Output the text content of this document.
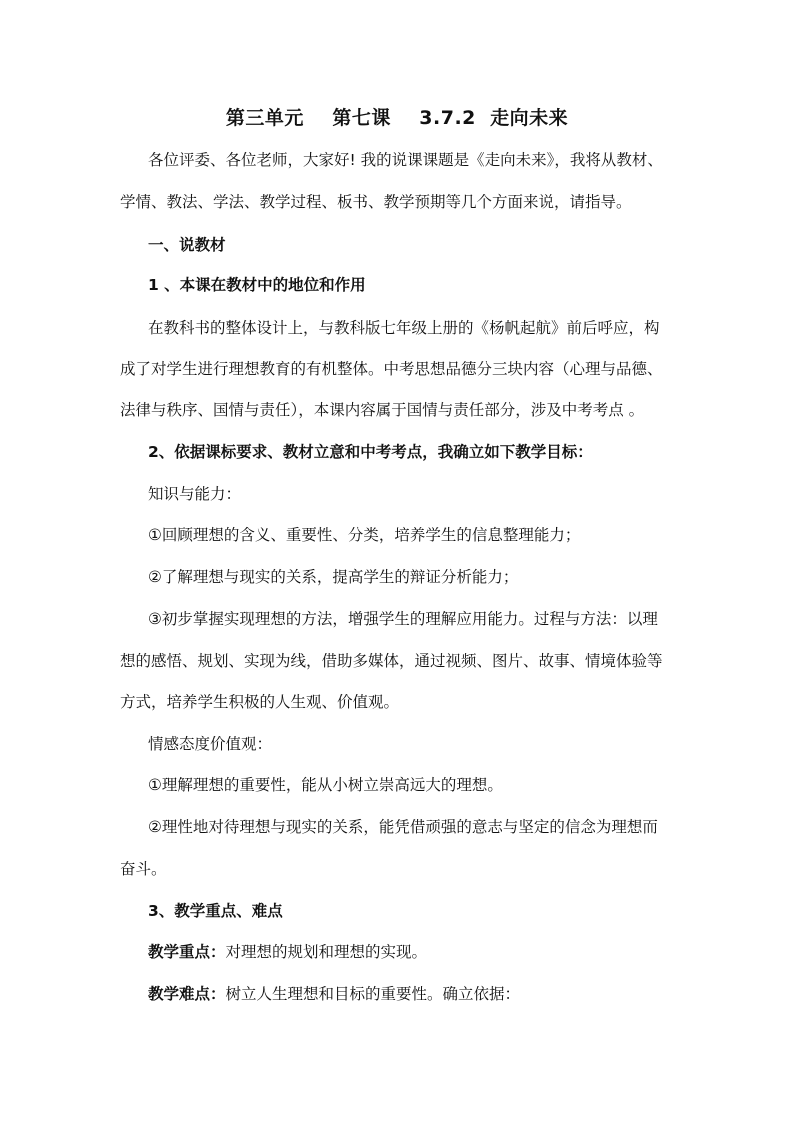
第三单元    第七课    3.7.2  走向未来
各位评委、各位老师，大家好! 我的说课课题是《走向未来》，我将从教材、
学情、教法、学法、教学过程、板书、教学预期等几个方面来说，请指导。
一、说教材
1 、本课在教材中的地位和作用
在教科书的整体设计上，与教科版七年级上册的《杨帆起航》前后呼应，构
成了对学生进行理想教育的有机整体。中考思想品德分三块内容（心理与品德、
法律与秩序、国情与责任），本课内容属于国情与责任部分，涉及中考考点 。
2、依据课标要求、教材立意和中考考点，我确立如下教学目标：
知识与能力：
①回顾理想的含义、重要性、分类，培养学生的信息整理能力；
②了解理想与现实的关系，提高学生的辩证分析能力；
③初步掌握实现理想的方法，增强学生的理解应用能力。过程与方法：以理
想的感悟、规划、实现为线，借助多媒体，通过视频、图片、故事、情境体验等
方式，培养学生积极的人生观、价值观。
情感态度价值观：
①理解理想的重要性，能从小树立崇高远大的理想。
②理性地对待理想与现实的关系，能凭借顽强的意志与坚定的信念为理想而
奋斗。
3、教学重点、难点
教学重点：对理想的规划和理想的实现。
教学难点：树立人生理想和目标的重要性。确立依据：
